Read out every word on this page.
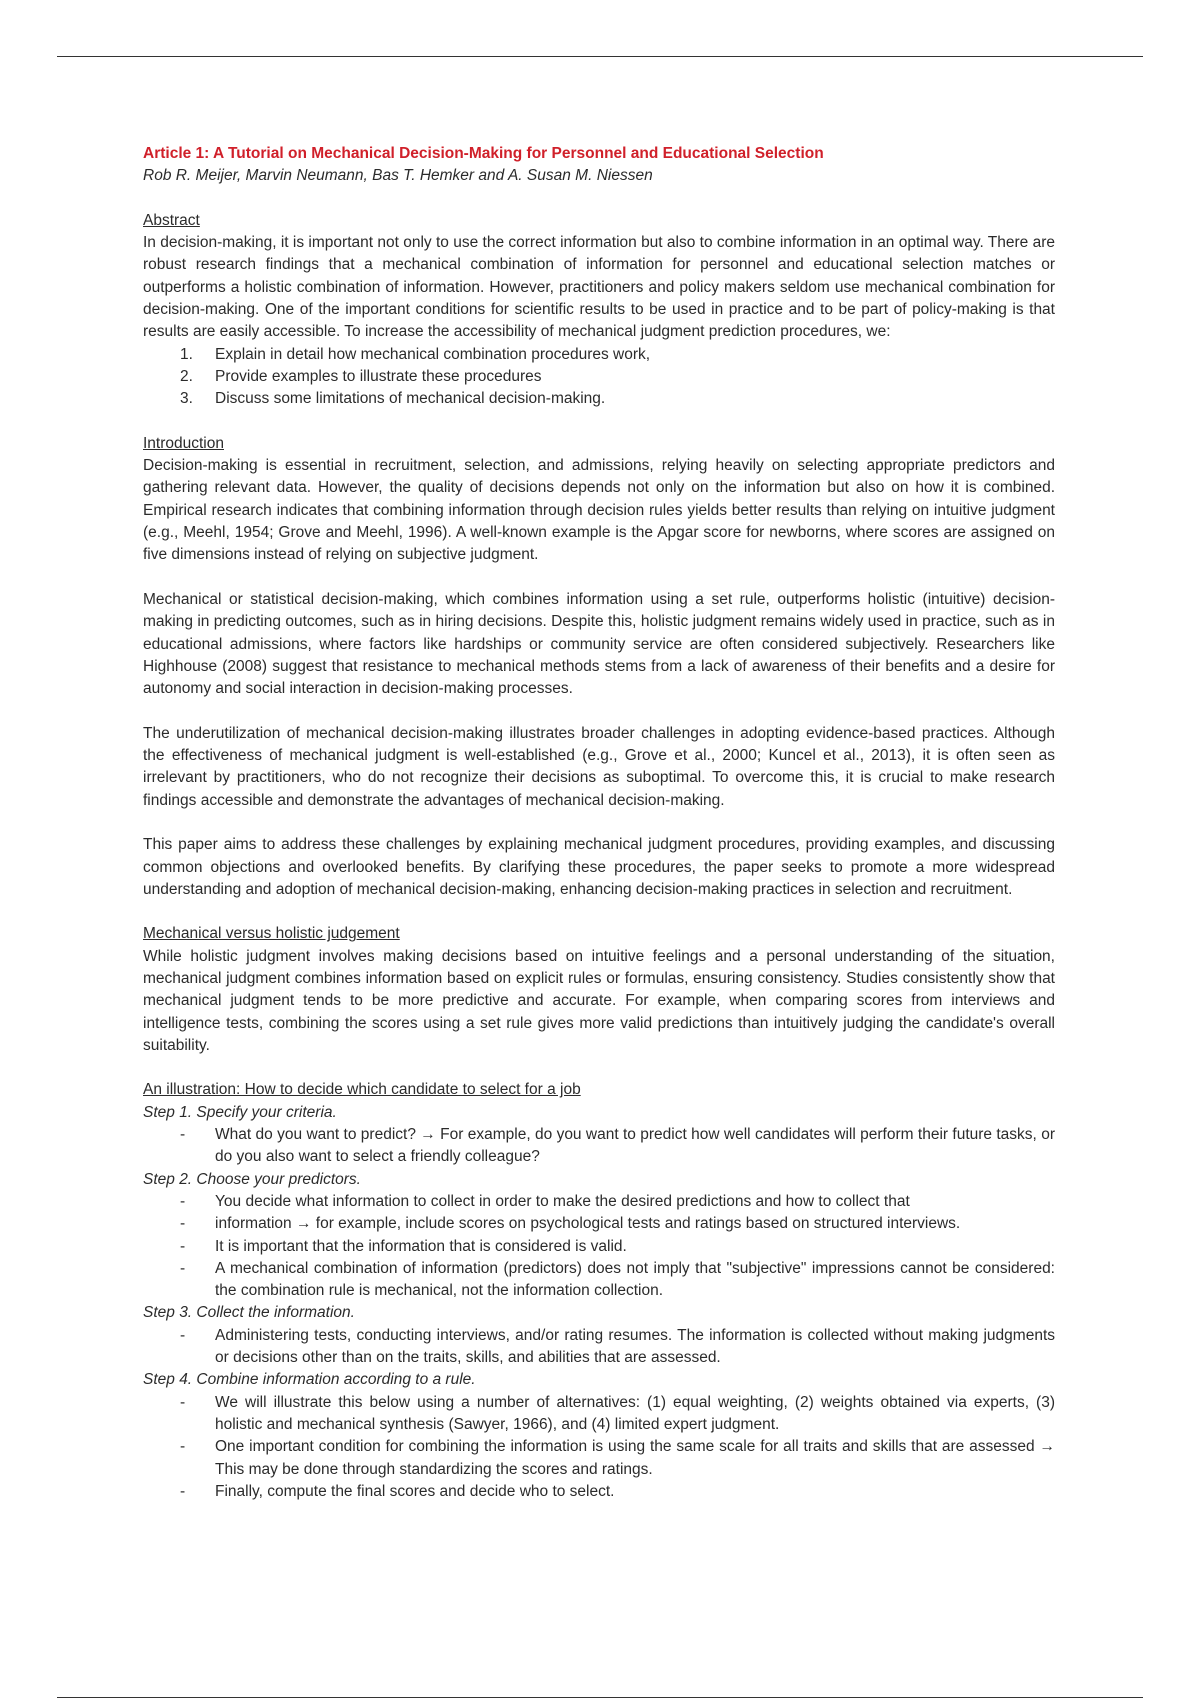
Article 1: A Tutorial on Mechanical Decision-Making for Personnel and Educational Selection

Rob R. Meijer, Marvin Neumann, Bas T. Hemker and A. Susan M. Niessen

Abstract

In decision-making, it is important not only to use the correct information but also to combine information in an optimal way. There are robust research findings that a mechanical combination of information for personnel and educational selection matches or outperforms a holistic combination of information. However, practitioners and policy makers seldom use mechanical combination for decision-making. One of the important conditions for scientific results to be used in practice and to be part of policy-making is that results are easily accessible. To increase the accessibility of mechanical judgment prediction procedures, we:

1. Explain in detail how mechanical combination procedures work,
2. Provide examples to illustrate these procedures
3. Discuss some limitations of mechanical decision-making.

Introduction

Decision-making is essential in recruitment, selection, and admissions, relying heavily on selecting appropriate predictors and gathering relevant data. However, the quality of decisions depends not only on the information but also on how it is combined. Empirical research indicates that combining information through decision rules yields better results than relying on intuitive judgment (e.g., Meehl, 1954; Grove and Meehl, 1996). A well-known example is the Apgar score for newborns, where scores are assigned on five dimensions instead of relying on subjective judgment.

Mechanical or statistical decision-making, which combines information using a set rule, outperforms holistic (intuitive) decision-making in predicting outcomes, such as in hiring decisions. Despite this, holistic judgment remains widely used in practice, such as in educational admissions, where factors like hardships or community service are often considered subjectively. Researchers like Highhouse (2008) suggest that resistance to mechanical methods stems from a lack of awareness of their benefits and a desire for autonomy and social interaction in decision-making processes.

The underutilization of mechanical decision-making illustrates broader challenges in adopting evidence-based practices. Although the effectiveness of mechanical judgment is well-established (e.g., Grove et al., 2000; Kuncel et al., 2013), it is often seen as irrelevant by practitioners, who do not recognize their decisions as suboptimal. To overcome this, it is crucial to make research findings accessible and demonstrate the advantages of mechanical decision-making.

This paper aims to address these challenges by explaining mechanical judgment procedures, providing examples, and discussing common objections and overlooked benefits. By clarifying these procedures, the paper seeks to promote a more widespread understanding and adoption of mechanical decision-making, enhancing decision-making practices in selection and recruitment.

Mechanical versus holistic judgement

While holistic judgment involves making decisions based on intuitive feelings and a personal understanding of the situation, mechanical judgment combines information based on explicit rules or formulas, ensuring consistency. Studies consistently show that mechanical judgment tends to be more predictive and accurate. For example, when comparing scores from interviews and intelligence tests, combining the scores using a set rule gives more valid predictions than intuitively judging the candidate's overall suitability.

An illustration: How to decide which candidate to select for a job

Step 1. Specify your criteria.

- What do you want to predict? → For example, do you want to predict how well candidates will perform their future tasks, or do you also want to select a friendly colleague?

Step 2. Choose your predictors.

- You decide what information to collect in order to make the desired predictions and how to collect that
- information → for example, include scores on psychological tests and ratings based on structured interviews.
- It is important that the information that is considered is valid.
- A mechanical combination of information (predictors) does not imply that "subjective" impressions cannot be considered: the combination rule is mechanical, not the information collection.

Step 3. Collect the information.

- Administering tests, conducting interviews, and/or rating resumes. The information is collected without making judgments or decisions other than on the traits, skills, and abilities that are assessed.

Step 4. Combine information according to a rule.

- We will illustrate this below using a number of alternatives: (1) equal weighting, (2) weights obtained via experts, (3) holistic and mechanical synthesis (Sawyer, 1966), and (4) limited expert judgment.
- One important condition for combining the information is using the same scale for all traits and skills that are assessed → This may be done through standardizing the scores and ratings.
- Finally, compute the final scores and decide who to select.
